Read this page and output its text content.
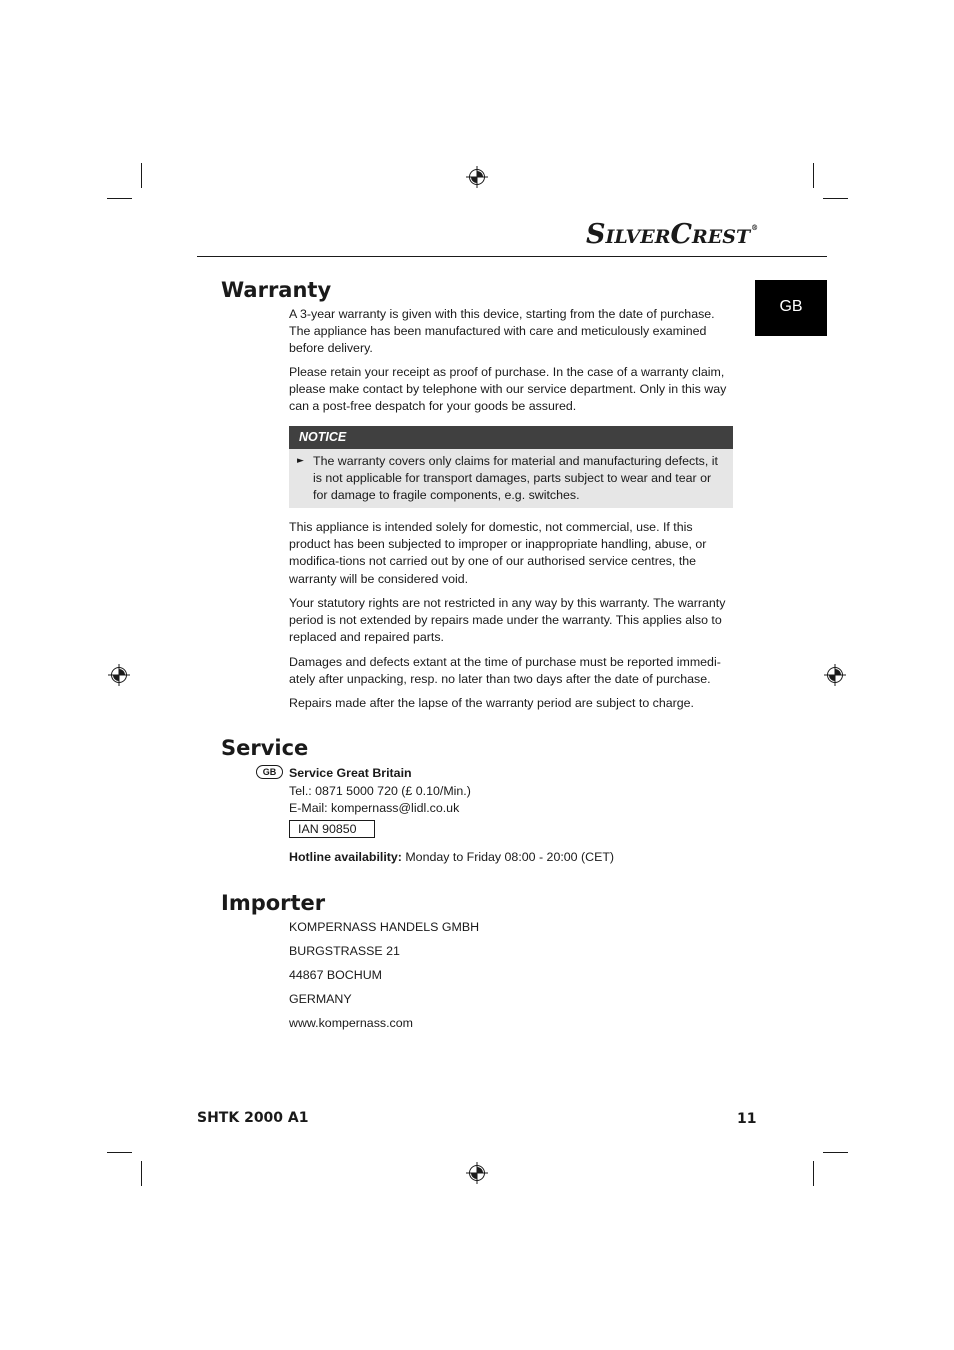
SILVERCREST®
GB
Warranty

A 3-year warranty is given with this device, starting from the date of purchase. The appliance has been manufactured with care and meticulously examined before delivery.

Please retain your receipt as proof of purchase. In the case of a warranty claim, please make contact by telephone with our service department. Only in this way can a post-free despatch for your goods be assured.

NOTICE
► The warranty covers only claims for material and manufacturing defects, it is not applicable for transport damages, parts subject to wear and tear or for damage to fragile components, e.g. switches.

This appliance is intended solely for domestic, not commercial, use. If this product has been subjected to improper or inappropriate handling, abuse, or modifica-tions not carried out by one of our authorised service centres, the warranty will be considered void.

Your statutory rights are not restricted in any way by this warranty. The warranty period is not extended by repairs made under the warranty. This applies also to replaced and repaired parts.

Damages and defects extant at the time of purchase must be reported immedi-ately after unpacking, resp. no later than two days after the date of purchase.

Repairs made after the lapse of the warranty period are subject to charge.

Service
GB	Service Great Britain

Tel.: 0871 5000 720 (£ 0.10/Min.)

E-Mail: kompernass@lidl.co.uk

IAN 90850

Hotline availability: Monday to Friday 08:00 - 20:00 (CET)

Importer

KOMPERNASS HANDELS GMBH

BURGSTRASSE 21

44867 BOCHUM

GERMANY

www.kompernass.com

SHTK 2000 A1	11
